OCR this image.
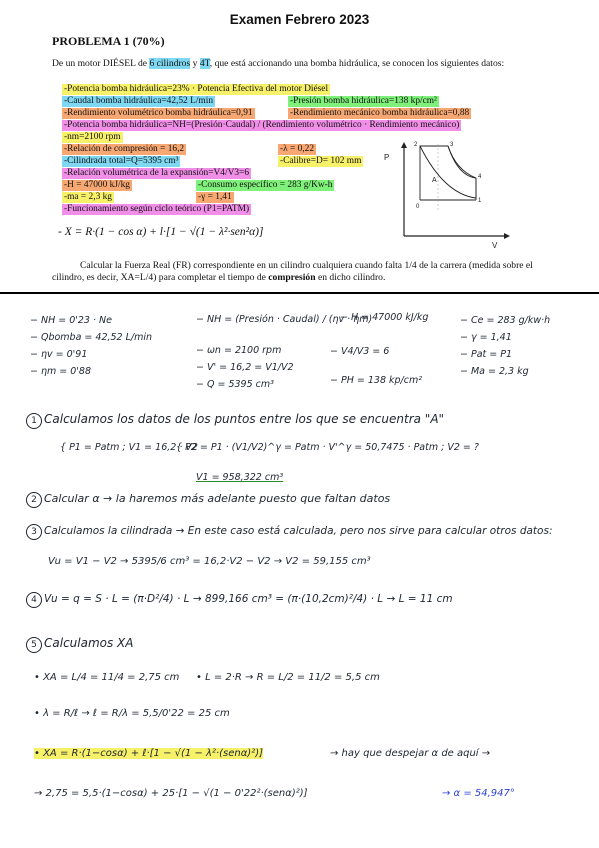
Examen Febrero 2023
PROBLEMA 1 (70%)
De un motor DIÉSEL de 6 cilindros y 4T, que está accionando una bomba hidráulica, se conocen los siguientes datos:
-Potencia bomba hidráulica=23% · Potencia Efectiva del motor Diésel
-Caudal bomba hidráulica=42,52 L/min	-Presión bomba hidráulica=138 kp/cm²
-Rendimiento volumétrico bomba hidráulica=0,91	-Rendimiento mecánico bomba hidráulica=0,88
-Potencia bomba hidráulica=NH=(Presión·Caudal) / (Rendimiento volumétrico · Rendimiento mecánico)
-nm=2100 rpm
-Relación de compresión = 16,2	-λ = 0,22
-Cilindrada total=Q=5395 cm³	-Calibre=D= 102 mm
-Relación volumétrica de la expansión=V4/V3=6
-H = 47000 kJ/kg	-Consumo específico = 283 g/Kw-h
-ma = 2,3 kg	-γ = 1,41
-Funcionamiento según ciclo teórico (P1=PATM)
P
V
A
1
2	3
4
0
- X = R·(1 − cos α) + l·[1 − √(1 − λ²·sen²α)]
Calcular la Fuerza Real (FR) correspondiente en un cilindro cualquiera cuando falta 1/4 de la carrera (medida sobre el cilindro, es decir, XA=L/4) para completar el tiempo de compresión en dicho cilindro.
− NH = 0'23 · Ne
− Qbomba = 42,52 L/min
− ηv = 0'91
− ηm = 0'88
− NH = (Presión · Caudal) / (ηv · ηm)
− ωn = 2100 rpm
− V' = 16,2 = V1/V2
− Q = 5395 cm³
− H = 47000 kJ/kg
− V4/V3 = 6
− PH = 138 kp/cm²
− Ce = 283 g/kw·h
− γ = 1,41
− Pat = P1
− Ma = 2,3 kg
1 Calculamos los datos de los puntos entre los que se encuentra "A"
{ P1 = Patm ; V1 = 16,2 · V2
{ P2 = P1 · (V1/V2)^γ = Patm · V'^γ = 50,7475 · Patm ; V2 = ?
V1 = 958,322 cm³
2 Calcular α → la haremos más adelante puesto que faltan datos
3 Calculamos la cilindrada → En este caso está calculada, pero nos sirve para calcular otros datos:
Vu = V1 − V2 → 5395/6 cm³ = 16,2·V2 − V2 → V2 = 59,155 cm³
4 Vu = q = S · L = (π·D²/4) · L → 899,166 cm³ = (π·(10,2cm)²/4) · L → L = 11 cm
5 Calculamos XA
• XA = L/4 = 11/4 = 2,75 cm • L = 2·R → R = L/2 = 11/2 = 5,5 cm
• λ = R/ℓ → ℓ = R/λ = 5,5/0'22 = 25 cm
• XA = R·(1−cosα) + ℓ·[1 − √(1 − λ²·(senα)²)]	→ hay que despejar α de aquí →
→ 2,75 = 5,5·(1−cosα) + 25·[1 − √(1 − 0'22²·(senα)²)]	→ α = 54,947°
